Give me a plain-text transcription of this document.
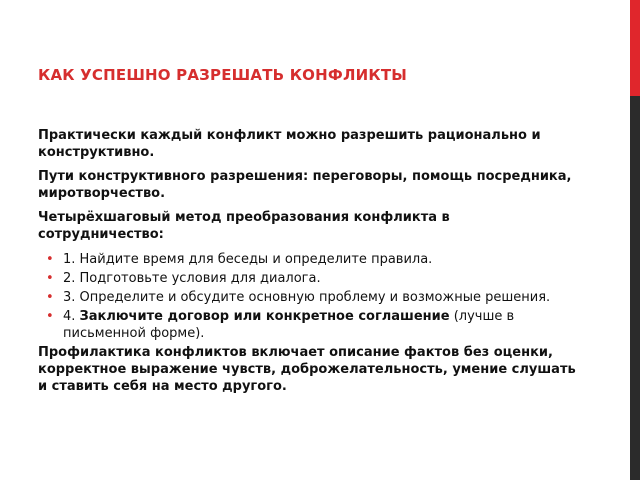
КАК УСПЕШНО РАЗРЕШАТЬ КОНФЛИКТЫ

Практически каждый конфликт можно разрешить рационально и конструктивно.

Пути конструктивного разрешения: переговоры, помощь посредника, миротворчество.

Четырёхшаговый метод преобразования конфликта в сотрудничество:

• 1. Найдите время для беседы и определите правила.
• 2. Подготовьте условия для диалога.
• 3. Определите и обсудите основную проблему и возможные решения.
• 4. Заключите договор или конкретное соглашение (лучше в письменной форме).

Профилактика конфликтов включает описание фактов без оценки, корректное выражение чувств, доброжелательность, умение слушать и ставить себя на место другого.
